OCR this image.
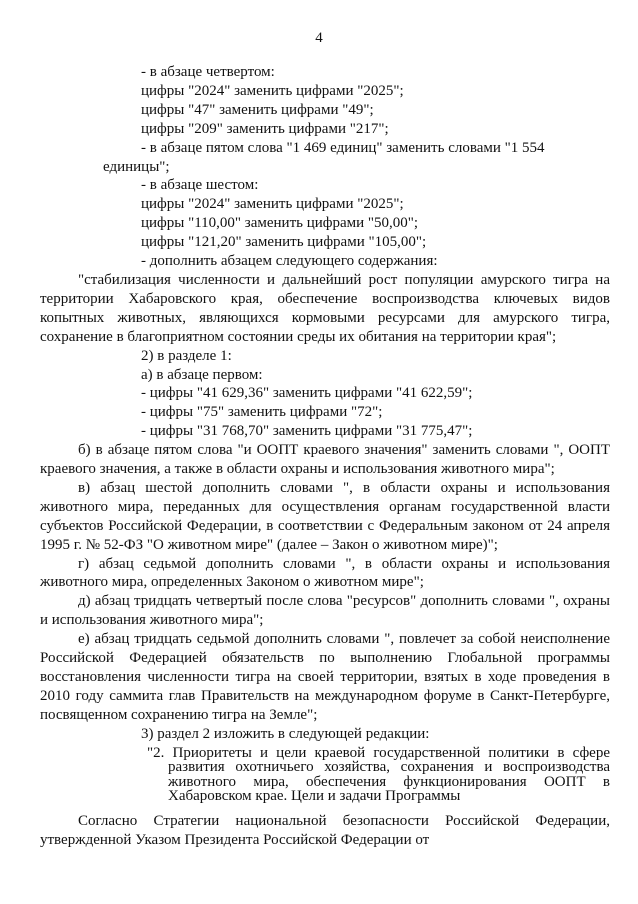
4

- в абзаце четвертом:

цифры "2024" заменить цифрами "2025";

цифры "47" заменить цифрами "49";

цифры "209" заменить цифрами "217";

- в абзаце пятом слова "1 469 единиц" заменить словами "1 554 единицы";

- в абзаце шестом:

цифры "2024" заменить цифрами "2025";

цифры "110,00" заменить цифрами "50,00";

цифры "121,20" заменить цифрами "105,00";

- дополнить абзацем следующего содержания:

"стабилизация численности и дальнейший рост популяции амурского тигра на территории Хабаровского края, обеспечение воспроизводства ключевых видов копытных животных, являющихся кормовыми ресурсами для амурского тигра, сохранение в благоприятном состоянии среды их обитания на территории края";

2) в разделе 1:

а) в абзаце первом:

- цифры "41 629,36" заменить цифрами "41 622,59";

- цифры "75" заменить цифрами "72";

- цифры "31 768,70" заменить цифрами "31 775,47";

б) в абзаце пятом слова "и ООПТ краевого значения" заменить словами ", ООПТ краевого значения, а также в области охраны и использования животного мира";

в) абзац шестой дополнить словами ", в области охраны и использования животного мира, переданных для осуществления органам государственной власти субъектов Российской Федерации, в соответствии с Федеральным законом от 24 апреля 1995 г. № 52-ФЗ "О животном мире" (далее – Закон о животном мире)";

г) абзац седьмой дополнить словами ", в области охраны и использования животного мира, определенных Законом о животном мире";

д) абзац тридцать четвертый после слова "ресурсов" дополнить словами ", охраны и использования животного мира";

е) абзац тридцать седьмой дополнить словами ", повлечет за собой неисполнение Российской Федерацией обязательств по выполнению Глобальной программы восстановления численности тигра на своей территории, взятых в ходе проведения в 2010 году саммита глав Правительств на международном форуме в Санкт-Петербурге, посвященном сохранению тигра на Земле";

3) раздел 2 изложить в следующей редакции:

"2. Приоритеты и цели краевой государственной политики в сфере развития охотничьего хозяйства, сохранения и воспроизводства животного мира, обеспечения функционирования ООПТ в Хабаровском крае. Цели и задачи Программы

Согласно Стратегии национальной безопасности Российской Федерации, утвержденной Указом Президента Российской Федерации от
